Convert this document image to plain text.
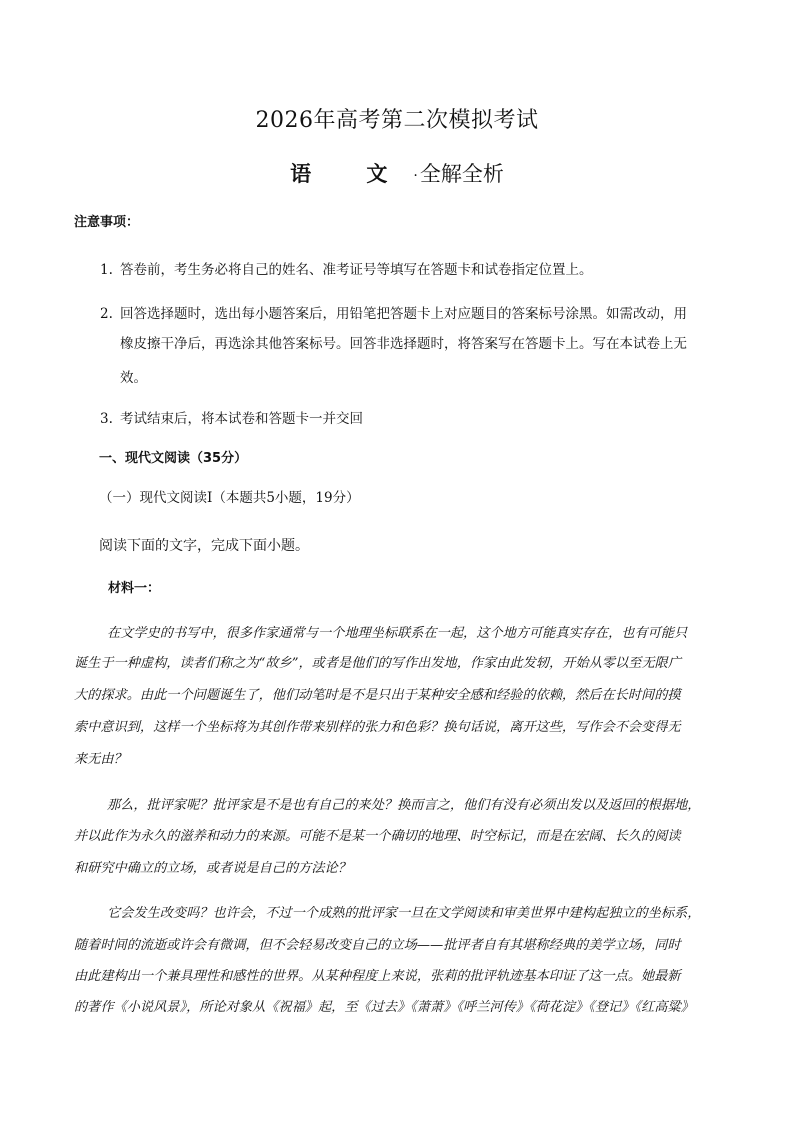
2026年高考第二次模拟考试
语 文 ·全解全析
注意事项：
1. 答卷前，考生务必将自己的姓名、准考证号等填写在答题卡和试卷指定位置上。
2. 回答选择题时，选出每小题答案后，用铅笔把答题卡上对应题目的答案标号涂黑。如需改动，用
橡皮擦干净后，再选涂其他答案标号。回答非选择题时，将答案写在答题卡上。写在本试卷上无
效。
3. 考试结束后，将本试卷和答题卡一并交回
一、现代文阅读（35分）
（一）现代文阅读Ⅰ（本题共5小题，19分）
阅读下面的文字，完成下面小题。
材料一：
在文学史的书写中，很多作家通常与一个地理坐标联系在一起，这个地方可能真实存在，也有可能只
诞生于一种虚构，读者们称之为“故乡”，或者是他们的写作出发地，作家由此发轫，开始从零以至无限广
大的探求。由此一个问题诞生了，他们动笔时是不是只出于某种安全感和经验的依赖，然后在长时间的摸
索中意识到，这样一个坐标将为其创作带来别样的张力和色彩？换句话说，离开这些，写作会不会变得无
来无由？
那么，批评家呢？批评家是不是也有自己的来处？换而言之，他们有没有必须出发以及返回的根据地，
并以此作为永久的滋养和动力的来源。可能不是某一个确切的地理、时空标记，而是在宏阔、长久的阅读
和研究中确立的立场，或者说是自己的方法论？
它会发生改变吗？也许会，不过一个成熟的批评家一旦在文学阅读和审美世界中建构起独立的坐标系，
随着时间的流逝或许会有微调，但不会轻易改变自己的立场——批评者自有其堪称经典的美学立场，同时
由此建构出一个兼具理性和感性的世界。从某种程度上来说，张莉的批评轨迹基本印证了这一点。她最新
的著作《小说风景》，所论对象从《祝福》起，至《过去》《萧萧》《呼兰河传》《荷花淀》《登记》《红高粱》
